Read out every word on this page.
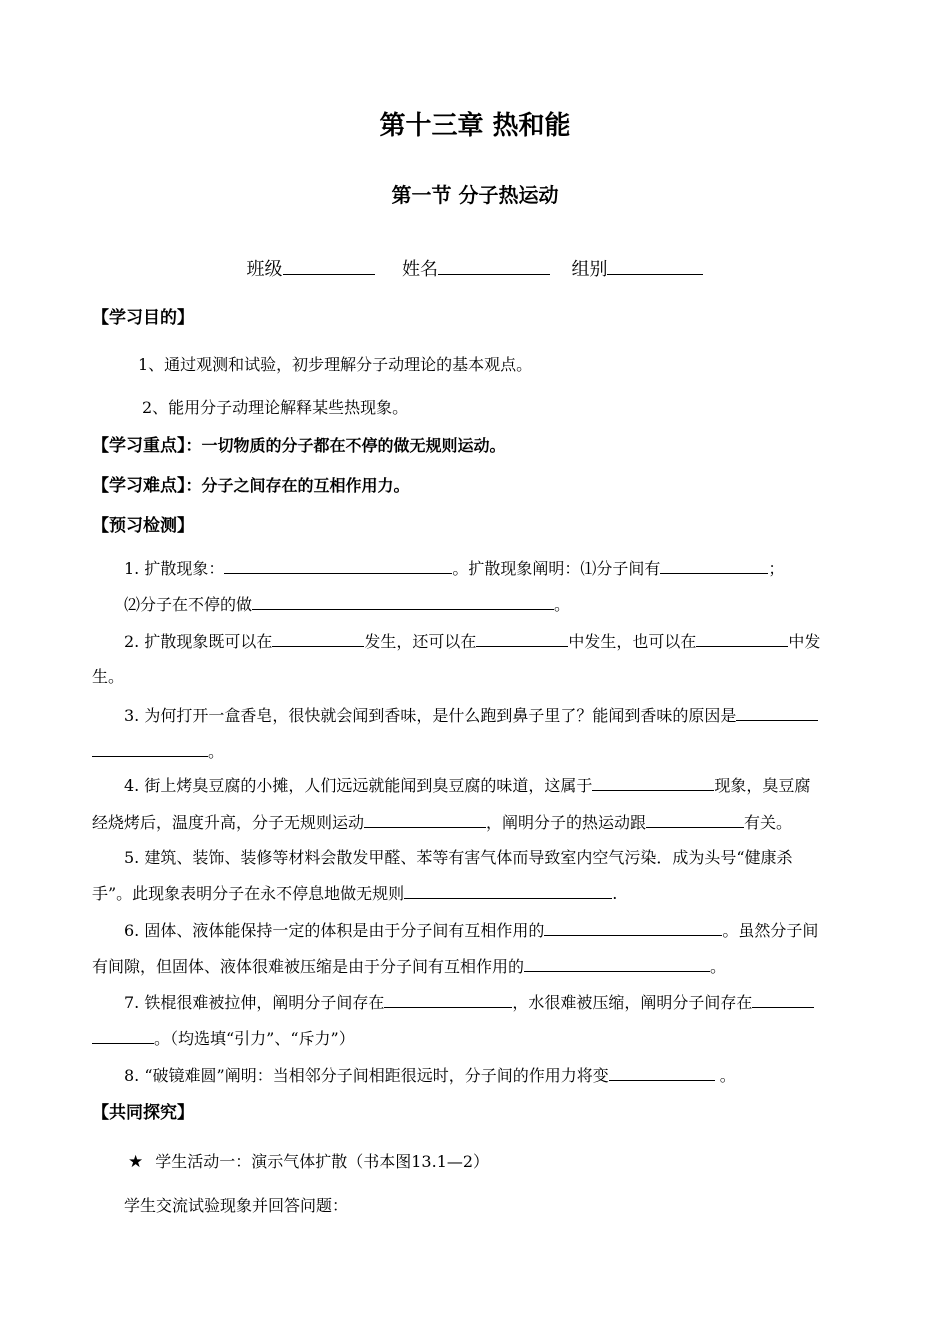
第十三章 热和能
第一节 分子热运动
班级	姓名	组别
【学习目的】
1、通过观测和试验，初步理解分子动理论的基本观点。
2、能用分子动理论解释某些热现象。
【学习重点】：一切物质的分子都在不停的做无规则运动。
【学习难点】：分子之间存在的互相作用力。
【预习检测】
1. 扩散现象：	。扩散现象阐明：⑴分子间有	；
⑵分子在不停的做	。
2. 扩散现象既可以在	发生，还可以在	中发生，也可以在	中发
生。
3. 为何打开一盒香皂，很快就会闻到香味，是什么跑到鼻子里了？能闻到香味的原因是
。
4. 街上烤臭豆腐的小摊，人们远远就能闻到臭豆腐的味道，这属于	现象，臭豆腐
经烧烤后，温度升高，分子无规则运动	，阐明分子的热运动跟	有关。
5. 建筑、装饰、装修等材料会散发甲醛、苯等有害气体而导致室内空气污染．成为头号“健康杀
手”。此现象表明分子在永不停息地做无规则	.
6. 固体、液体能保持一定的体积是由于分子间有互相作用的	。虽然分子间
有间隙，但固体、液体很难被压缩是由于分子间有互相作用的	。
7. 铁棍很难被拉伸，阐明分子间存在	，水很难被压缩，阐明分子间存在
。（均选填“引力”、“斥力”）
8. “破镜难圆”阐明：当相邻分子间相距很远时，分子间的作用力将变	。
【共同探究】
★ 学生活动一：演示气体扩散（书本图13.1—2）
学生交流试验现象并回答问题：
